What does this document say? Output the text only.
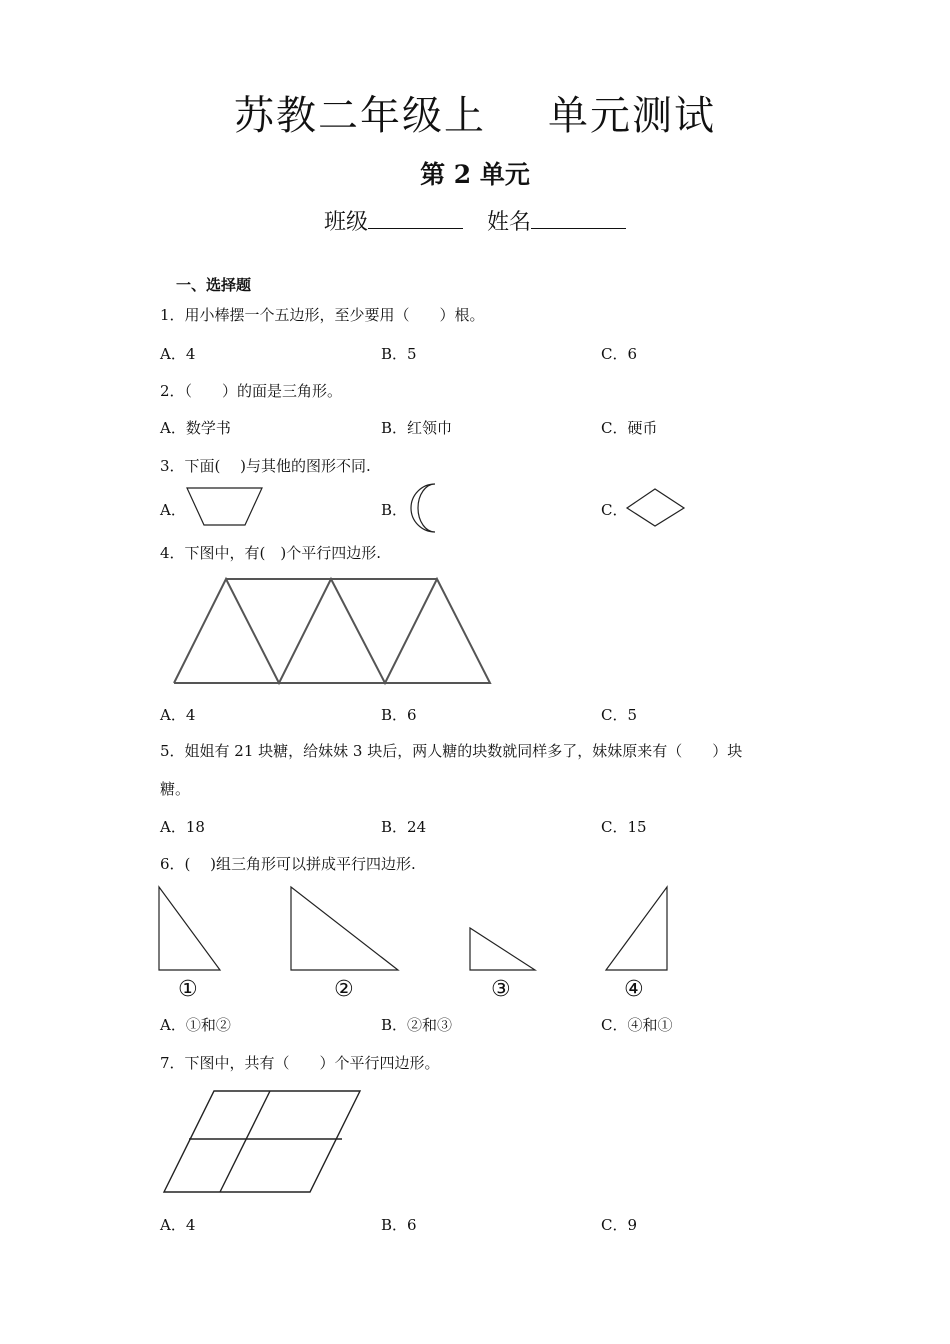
苏教二年级上 单元测试
第 2 单元
班级	姓名
一、选择题
1．用小棒摆一个五边形，至少要用（　　）根。
A．4	B．5	C．6
2．（　　）的面是三角形。
A．数学书	B．红领巾	C．硬币
3．下面(　 )与其他的图形不同.
A．	B．	C．
4．下图中，有(　)个平行四边形.
A．4	B．6	C．5
5．姐姐有 21 块糖，给妹妹 3 块后，两人糖的块数就同样多了，妹妹原来有（　　）块
糖。
A．18	B．24	C．15
6．(　 )组三角形可以拼成平行四边形.
①	②	③	④
A．①和②	B．②和③	C．④和①
7．下图中，共有（　　）个平行四边形。
A．4	B．6	C．9
